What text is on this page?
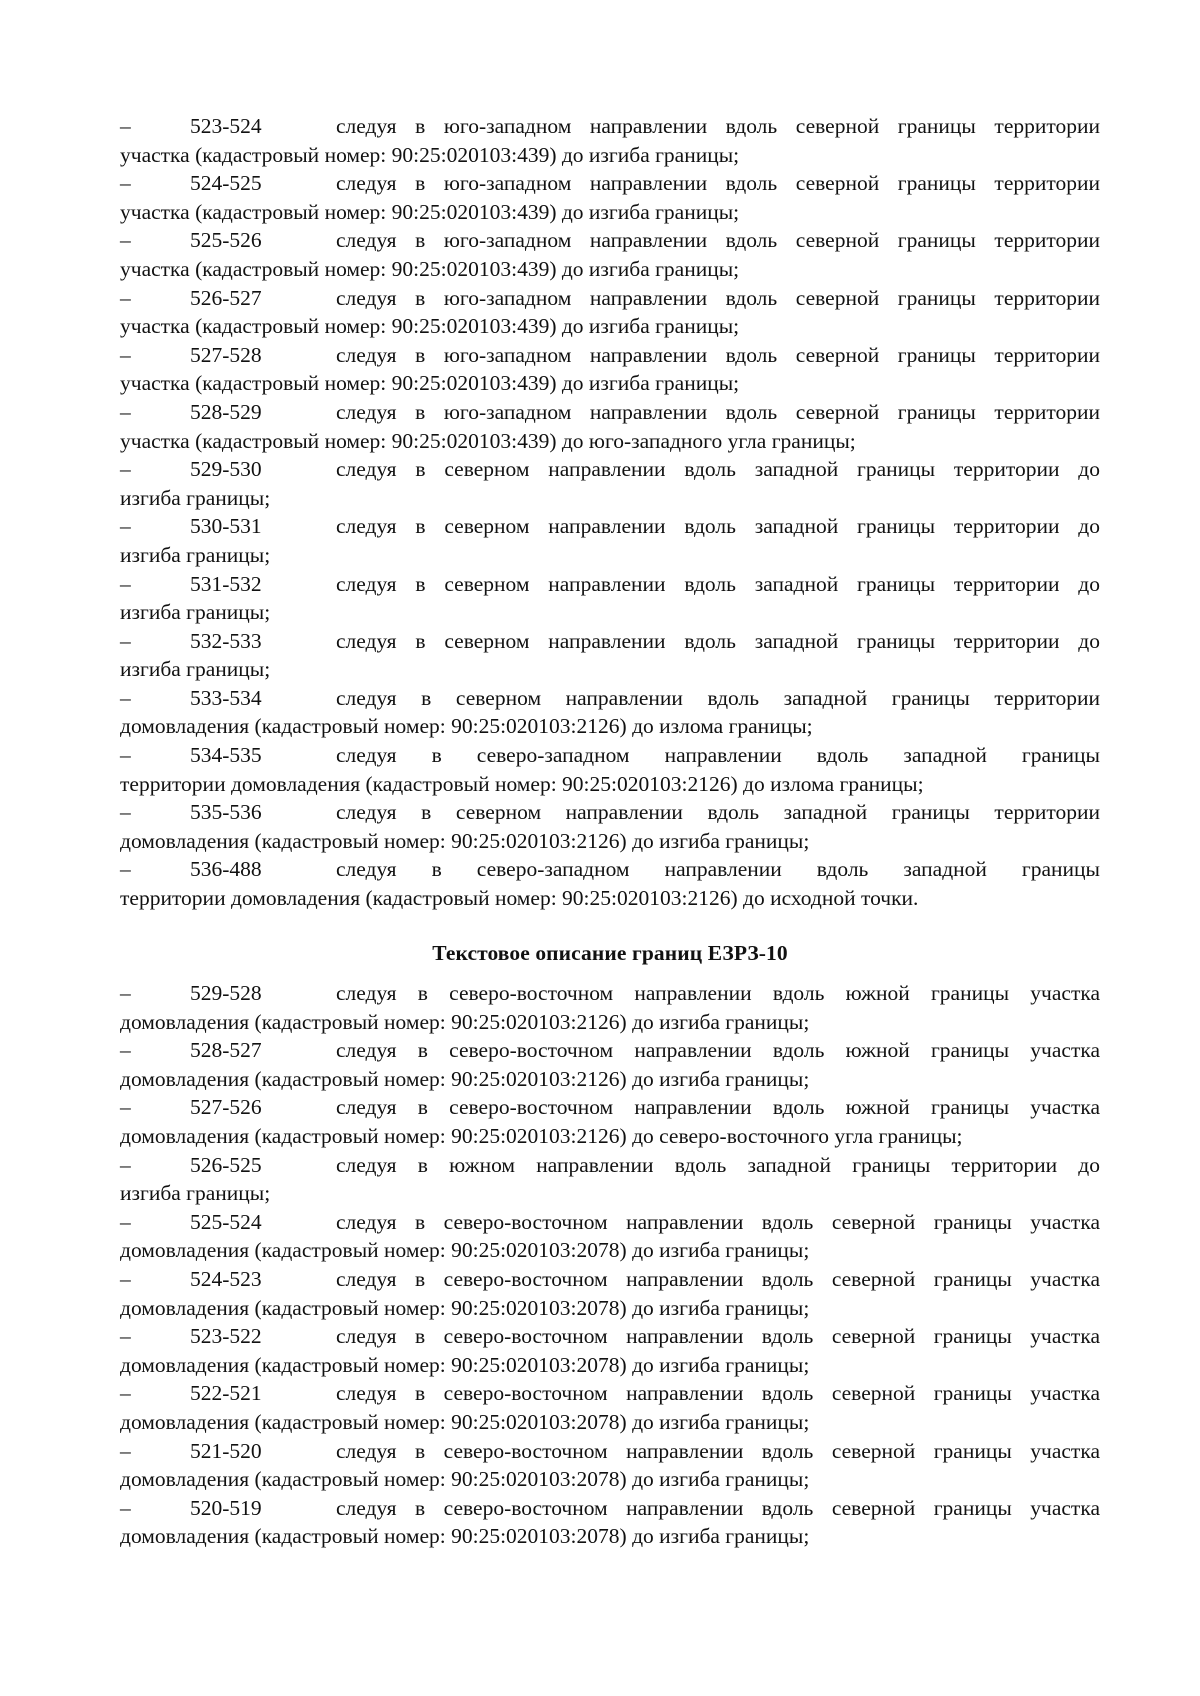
–	523-524	следуя в юго-западном направлении вдоль северной границы территории
участка (кадастровый номер: 90:25:020103:439) до изгиба границы;
–	524-525	следуя в юго-западном направлении вдоль северной границы территории
участка (кадастровый номер: 90:25:020103:439) до изгиба границы;
–	525-526	следуя в юго-западном направлении вдоль северной границы территории
участка (кадастровый номер: 90:25:020103:439) до изгиба границы;
–	526-527	следуя в юго-западном направлении вдоль северной границы территории
участка (кадастровый номер: 90:25:020103:439) до изгиба границы;
–	527-528	следуя в юго-западном направлении вдоль северной границы территории
участка (кадастровый номер: 90:25:020103:439) до изгиба границы;
–	528-529	следуя в юго-западном направлении вдоль северной границы территории
участка (кадастровый номер: 90:25:020103:439) до юго-западного угла границы;
–	529-530	следуя в северном направлении вдоль западной границы территории до
изгиба границы;
–	530-531	следуя в северном направлении вдоль западной границы территории до
изгиба границы;
–	531-532	следуя в северном направлении вдоль западной границы территории до
изгиба границы;
–	532-533	следуя в северном направлении вдоль западной границы территории до
изгиба границы;
–	533-534	следуя в северном направлении вдоль западной границы территории
домовладения (кадастровый номер: 90:25:020103:2126) до излома границы;
–	534-535	следуя в северо-западном направлении вдоль западной границы
территории домовладения (кадастровый номер: 90:25:020103:2126) до излома границы;
–	535-536	следуя в северном направлении вдоль западной границы территории
домовладения (кадастровый номер: 90:25:020103:2126) до изгиба границы;
–	536-488	следуя в северо-западном направлении вдоль западной границы
территории домовладения (кадастровый номер: 90:25:020103:2126) до исходной точки.
Текстовое описание границ ЕЗРЗ-10
–	529-528	следуя в северо-восточном направлении вдоль южной границы участка
домовладения (кадастровый номер: 90:25:020103:2126) до изгиба границы;
–	528-527	следуя в северо-восточном направлении вдоль южной границы участка
домовладения (кадастровый номер: 90:25:020103:2126) до изгиба границы;
–	527-526	следуя в северо-восточном направлении вдоль южной границы участка
домовладения (кадастровый номер: 90:25:020103:2126) до северо-восточного угла границы;
–	526-525	следуя в южном направлении вдоль западной границы территории до
изгиба границы;
–	525-524	следуя в северо-восточном направлении вдоль северной границы участка
домовладения (кадастровый номер: 90:25:020103:2078) до изгиба границы;
–	524-523	следуя в северо-восточном направлении вдоль северной границы участка
домовладения (кадастровый номер: 90:25:020103:2078) до изгиба границы;
–	523-522	следуя в северо-восточном направлении вдоль северной границы участка
домовладения (кадастровый номер: 90:25:020103:2078) до изгиба границы;
–	522-521	следуя в северо-восточном направлении вдоль северной границы участка
домовладения (кадастровый номер: 90:25:020103:2078) до изгиба границы;
–	521-520	следуя в северо-восточном направлении вдоль северной границы участка
домовладения (кадастровый номер: 90:25:020103:2078) до изгиба границы;
–	520-519	следуя в северо-восточном направлении вдоль северной границы участка
домовладения (кадастровый номер: 90:25:020103:2078) до изгиба границы;
